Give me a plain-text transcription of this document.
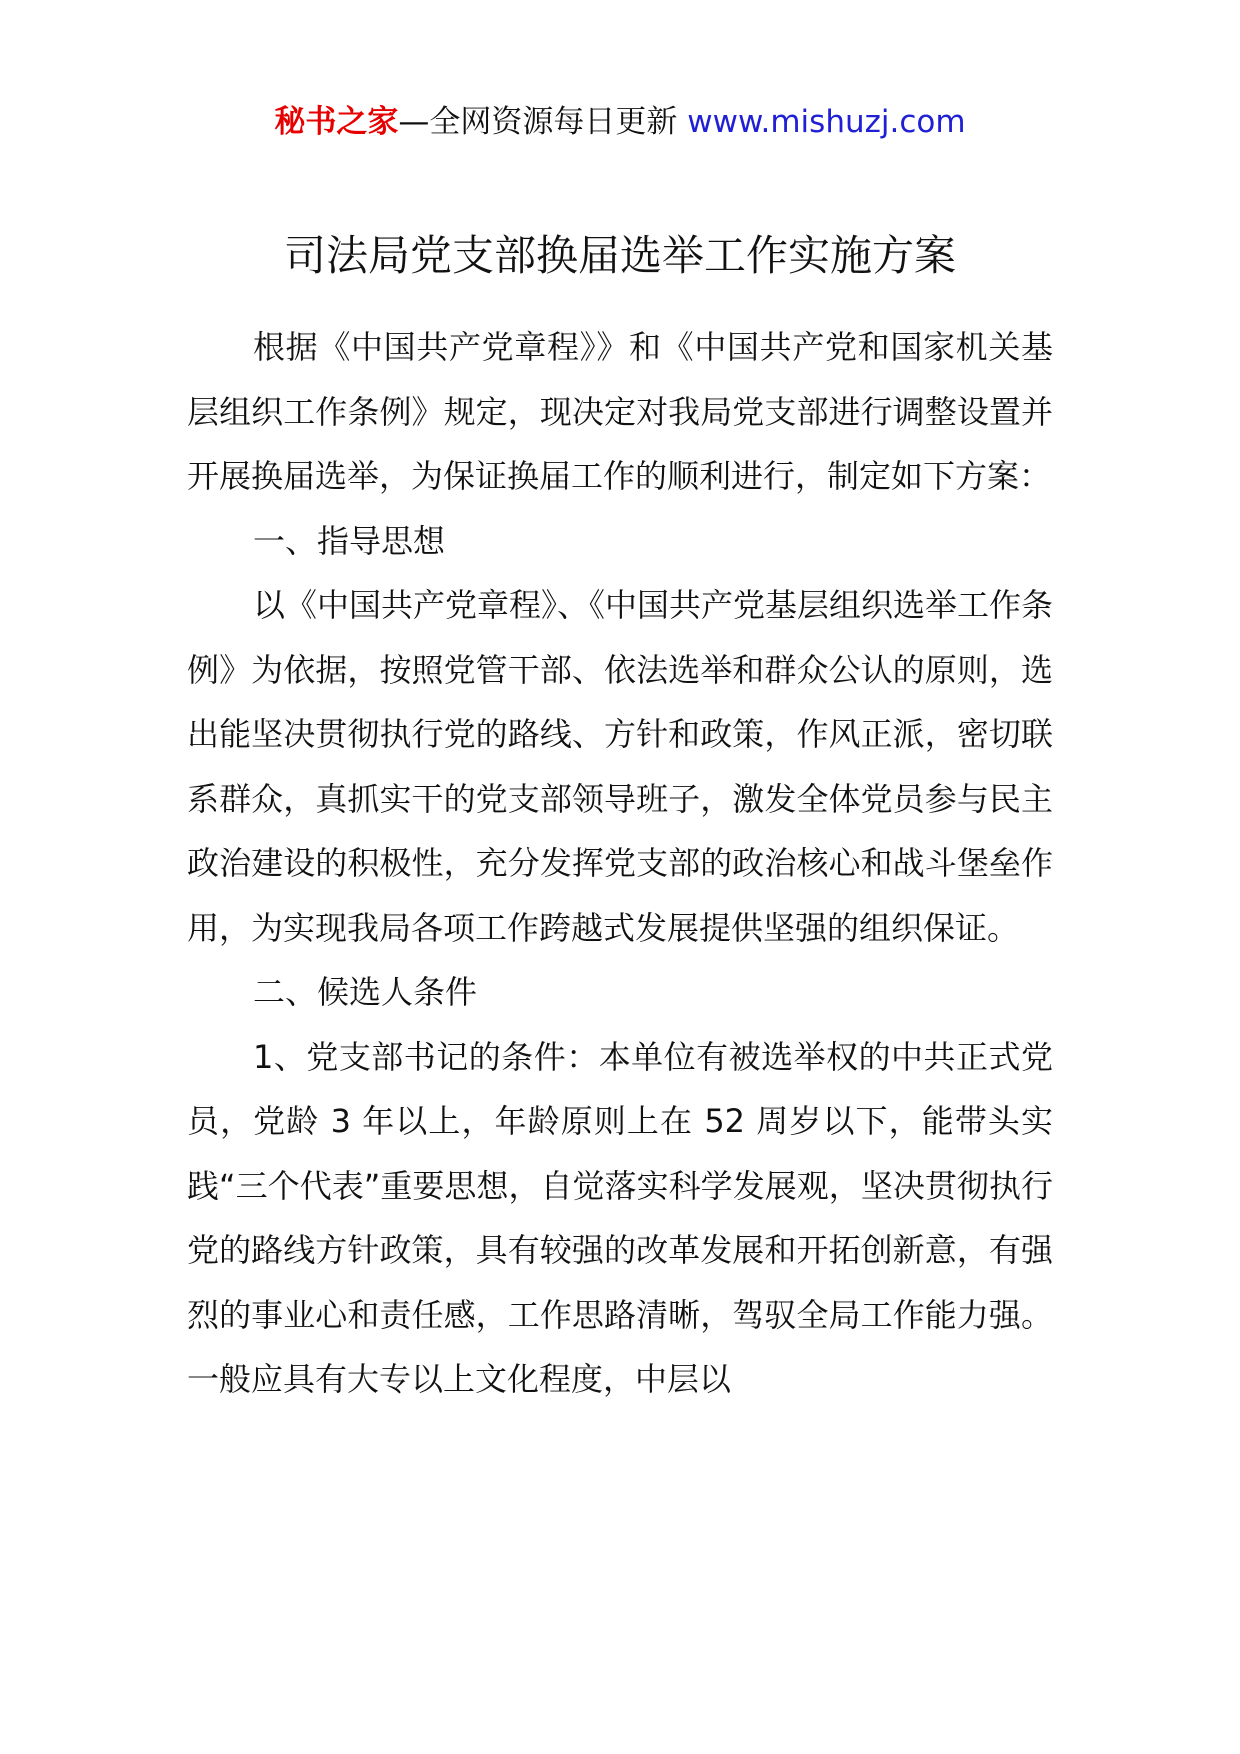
秘书之家—全网资源每日更新 www.mishuzj.com
司法局党支部换届选举工作实施方案

根据《中国共产党章程》》和《中国共产党和国家机关基层组织工作条例》规定，现决定对我局党支部进行调整设置并开展换届选举，为保证换届工作的顺利进行，制定如下方案：

一、指导思想

以《中国共产党章程》、《中国共产党基层组织选举工作条例》为依据，按照党管干部、依法选举和群众公认的原则，选出能坚决贯彻执行党的路线、方针和政策，作风正派，密切联系群众，真抓实干的党支部领导班子，激发全体党员参与民主政治建设的积极性，充分发挥党支部的政治核心和战斗堡垒作用，为实现我局各项工作跨越式发展提供坚强的组织保证。

二、候选人条件

1、党支部书记的条件：本单位有被选举权的中共正式党员，党龄 3 年以上，年龄原则上在 52 周岁以下，能带头实践“三个代表”重要思想，自觉落实科学发展观，坚决贯彻执行党的路线方针政策，具有较强的改革发展和开拓创新意，有强烈的事业心和责任感，工作思路清晰，驾驭全局工作能力强。一般应具有大专以上文化程度，中层以
